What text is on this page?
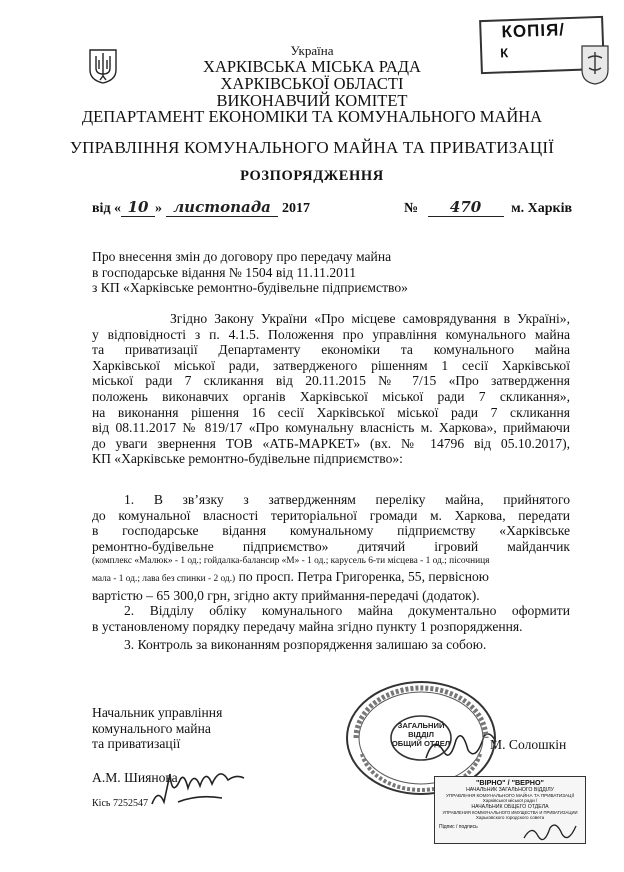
КОПІЯ/
К
Україна
ХАРКІВСЬКА МІСЬКА РАДА
ХАРКІВСЬКОЇ ОБЛАСТІ
ВИКОНАВЧИЙ КОМІТЕТ
ДЕПАРТАМЕНТ ЕКОНОМІКИ ТА КОМУНАЛЬНОГО МАЙНА
УПРАВЛІННЯ КОМУНАЛЬНОГО МАЙНА ТА ПРИВАТИЗАЦІЇ
РОЗПОРЯДЖЕННЯ
від « 10 » листопада 2017	№ 470 м. Харків
Про внесення змін до договору про передачу майна
в господарське відання № 1504 від 11.11.2011
з КП «Харківське ремонтно-будівельне підприємство»
Згідно Закону України «Про місцеве самоврядування в Україні»,
у відповідності з п. 4.1.5. Положення про управління комунального майна
та приватизації Департаменту економіки та комунального майна
Харківської міської ради, затвердженого рішенням 1 сесії Харківської
міської ради 7 скликання від 20.11.2015 № 7/15 «Про затвердження
положень виконавчих органів Харківської міської ради 7 скликання»,
на виконання рішення 16 сесії Харківської міської ради 7 скликання
від 08.11.2017 № 819/17 «Про комунальну власність м. Харкова», приймаючи
до уваги звернення ТОВ «АТБ-МАРКЕТ» (вх. № 14796 від 05.10.2017),
КП «Харківське ремонтно-будівельне підприємство»:
1. В зв’язку з затвердженням переліку майна, прийнятого
до комунальної власності територіальної громади м. Харкова, передати
в господарське відання комунальному підприємству «Харківське
ремонтно-будівельне підприємство» дитячий ігровий майданчик
(комплекс «Малюк» - 1 од.; гойдалка-балансир «М» - 1 од.; карусель 6-ти місцева - 1 од.; пісочниця
мала - 1 од.; лава без спинки - 2 од.) по просп. Петра Григоренка, 55, первісною
вартістю – 65 300,0 грн, згідно акту приймання-передачі (додаток).
2. Відділу обліку комунального майна документально оформити
в установленому порядку передачу майна згідно пункту 1 розпорядження.
3. Контроль за виконанням розпорядження залишаю за собою.
Начальник управління
комунального майна
та приватизації	М. Солошкін
А.М. Шиянова
Кісь 7252547
ЗАГАЛЬНИЙ
ВІДДІЛ
ОБЩИЙ ОТДЕЛ
"ВІРНО" / "ВЕРНО"
НАЧАЛЬНИК ЗАГАЛЬНОГО ВІДДІЛУ
УПРАВЛІННЯ КОМУНАЛЬНОГО МАЙНА ТА ПРИВАТИЗАЦІЇ
Харківської міської ради /
НАЧАЛЬНИК ОБЩЕГО ОТДЕЛА
УПРАВЛЕНИЯ КОММУНАЛЬНОГО ИМУЩЕСТВА И ПРИВАТИЗАЦИИ
Харьковского городского совета
Підпис / подпись
